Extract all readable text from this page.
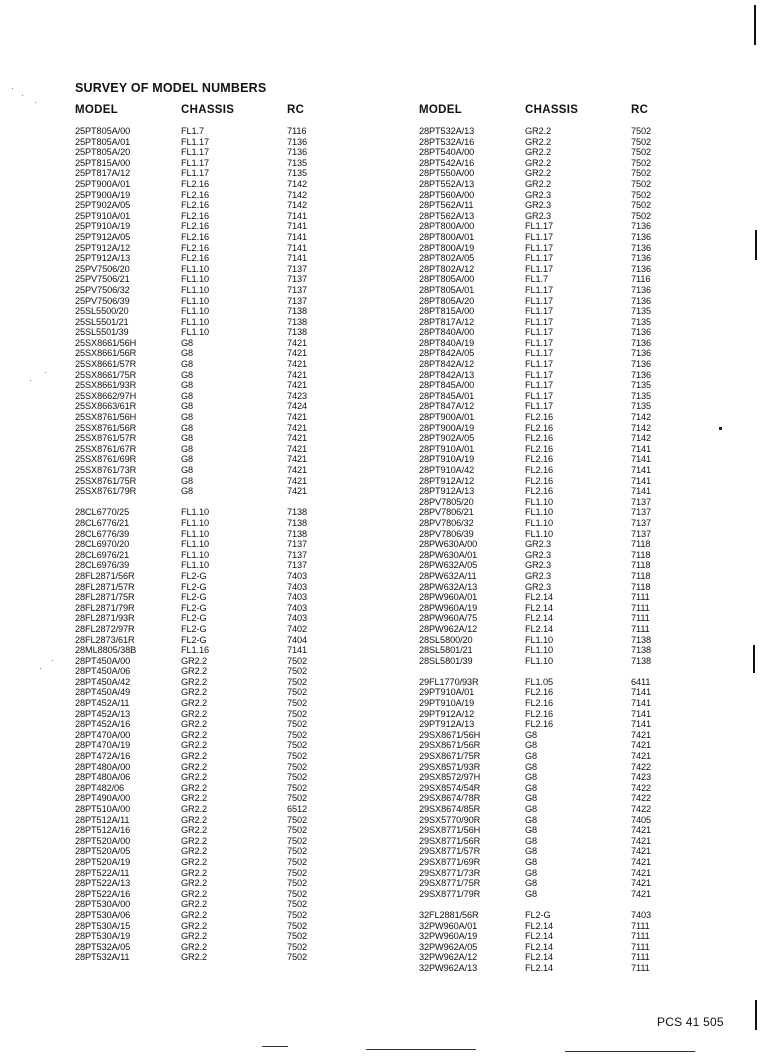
SURVEY OF MODEL NUMBERS
MODEL	CHASSIS	RC	MODEL	CHASSIS	RC
25PT805A/00	FL1.7	7116
25PT805A/01	FL1.17	7136
25PT805A/20	FL1.17	7136
25PT815A/00	FL1.17	7135
25PT817A/12	FL1.17	7135
25PT900A/01	FL2.16	7142
25PT900A/19	FL2.16	7142
25PT902A/05	FL2.16	7142
25PT910A/01	FL2.16	7141
25PT910A/19	FL2.16	7141
25PT912A/05	FL2.16	7141
25PT912A/12	FL2.16	7141
25PT912A/13	FL2.16	7141
25PV7506/20	FL1.10	7137
25PV7506/21	FL1.10	7137
25PV7506/32	FL1.10	7137
25PV7506/39	FL1.10	7137
25SL5500/20	FL1.10	7138
25SL5501/21	FL1.10	7138
25SL5501/39	FL1.10	7138
25SX8661/56H	G8	7421
25SX8661/56R	G8	7421
25SX8661/57R	G8	7421
25SX8661/75R	G8	7421
25SX8661/93R	G8	7421
25SX8662/97H	G8	7423
25SX8663/61R	G8	7424
25SX8761/56H	G8	7421
25SX8761/56R	G8	7421
25SX8761/57R	G8	7421
25SX8761/67R	G8	7421
25SX8761/69R	G8	7421
25SX8761/73R	G8	7421
25SX8761/75R	G8	7421
25SX8761/79R	G8	7421
28CL6770/25	FL1.10	7138
28CL6776/21	FL1.10	7138
28CL6776/39	FL1.10	7138
28CL6970/20	FL1.10	7137
28CL6976/21	FL1.10	7137
28CL6976/39	FL1.10	7137
28FL2871/56R	FL2-G	7403
28FL2871/57R	FL2-G	7403
28FL2871/75R	FL2-G	7403
28FL2871/79R	FL2-G	7403
28FL2871/93R	FL2-G	7403
28FL2872/97R	FL2-G	7402
28FL2873/61R	FL2-G	7404
28ML8805/38B	FL1.16	7141
28PT450A/00	GR2.2	7502
28PT450A/06	GR2.2	7502
28PT450A/42	GR2.2	7502
28PT450A/49	GR2.2	7502
28PT452A/11	GR2.2	7502
28PT452A/13	GR2.2	7502
28PT452A/16	GR2.2	7502
28PT470A/00	GR2.2	7502
28PT470A/19	GR2.2	7502
28PT472A/16	GR2.2	7502
28PT480A/00	GR2.2	7502
28PT480A/06	GR2.2	7502
28PT482/06	GR2.2	7502
28PT490A/00	GR2.2	7502
28PT510A/00	GR2.2	6512
28PT512A/11	GR2.2	7502
28PT512A/16	GR2.2	7502
28PT520A/00	GR2.2	7502
28PT520A/05	GR2.2	7502
28PT520A/19	GR2.2	7502
28PT522A/11	GR2.2	7502
28PT522A/13	GR2.2	7502
28PT522A/16	GR2.2	7502
28PT530A/00	GR2.2	7502
28PT530A/06	GR2.2	7502
28PT530A/15	GR2.2	7502
28PT530A/19	GR2.2	7502
28PT532A/05	GR2.2	7502
28PT532A/11	GR2.2	7502
28PT532A/13	GR2.2	7502
28PT532A/16	GR2.2	7502
28PT540A/00	GR2.2	7502
28PT542A/16	GR2.2	7502
28PT550A/00	GR2.2	7502
28PT552A/13	GR2.2	7502
28PT560A/00	GR2.3	7502
28PT562A/11	GR2.3	7502
28PT562A/13	GR2.3	7502
28PT800A/00	FL1.17	7136
28PT800A/01	FL1.17	7136
28PT800A/19	FL1.17	7136
28PT802A/05	FL1.17	7136
28PT802A/12	FL1.17	7136
28PT805A/00	FL1.7	7116
28PT805A/01	FL1.17	7136
28PT805A/20	FL1.17	7136
28PT815A/00	FL1.17	7135
28PT817A/12	FL1.17	7135
28PT840A/00	FL1.17	7136
28PT840A/19	FL1.17	7136
28PT842A/05	FL1.17	7136
28PT842A/12	FL1.17	7136
28PT842A/13	FL1.17	7136
28PT845A/00	FL1.17	7135
28PT845A/01	FL1.17	7135
28PT847A/12	FL1.17	7135
28PT900A/01	FL2.16	7142
28PT900A/19	FL2.16	7142
28PT902A/05	FL2.16	7142
28PT910A/01	FL2.16	7141
28PT910A/19	FL2.16	7141
28PT910A/42	FL2.16	7141
28PT912A/12	FL2.16	7141
28PT912A/13	FL2.16	7141
28PV7805/20	FL1.10	7137
28PV7806/21	FL1.10	7137
28PV7806/32	FL1.10	7137
28PV7806/39	FL1.10	7137
28PW630A/00	GR2.3	7118
28PW630A/01	GR2.3	7118
28PW632A/05	GR2.3	7118
28PW632A/11	GR2.3	7118
28PW632A/13	GR2.3	7118
28PW960A/01	FL2.14	7111
28PW960A/19	FL2.14	7111
28PW960A/75	FL2.14	7111
28PW962A/12	FL2.14	7111
28SL5800/20	FL1.10	7138
28SL5801/21	FL1.10	7138
28SL5801/39	FL1.10	7138
29FL1770/93R	FL1.05	6411
29PT910A/01	FL2.16	7141
29PT910A/19	FL2.16	7141
29PT912A/12	FL2.16	7141
29PT912A/13	FL2.16	7141
29SX8671/56H	G8	7421
29SX8671/56R	G8	7421
29SX8671/75R	G8	7421
29SX8571/93R	G8	7422
29SX8572/97H	G8	7423
29SX8574/54R	G8	7422
29SX8674/78R	G8	7422
29SX8674/85R	G8	7422
29SX5770/90R	G8	7405
29SX8771/56H	G8	7421
29SX8771/56R	G8	7421
29SX8771/57R	G8	7421
29SX8771/69R	G8	7421
29SX8771/73R	G8	7421
29SX8771/75R	G8	7421
29SX8771/79R	G8	7421
32FL2881/56R	FL2-G	7403
32PW960A/01	FL2.14	7111
32PW960A/19	FL2.14	7111
32PW962A/05	FL2.14	7111
32PW962A/12	FL2.14	7111
32PW962A/13	FL2.14	7111
PCS 41 505
